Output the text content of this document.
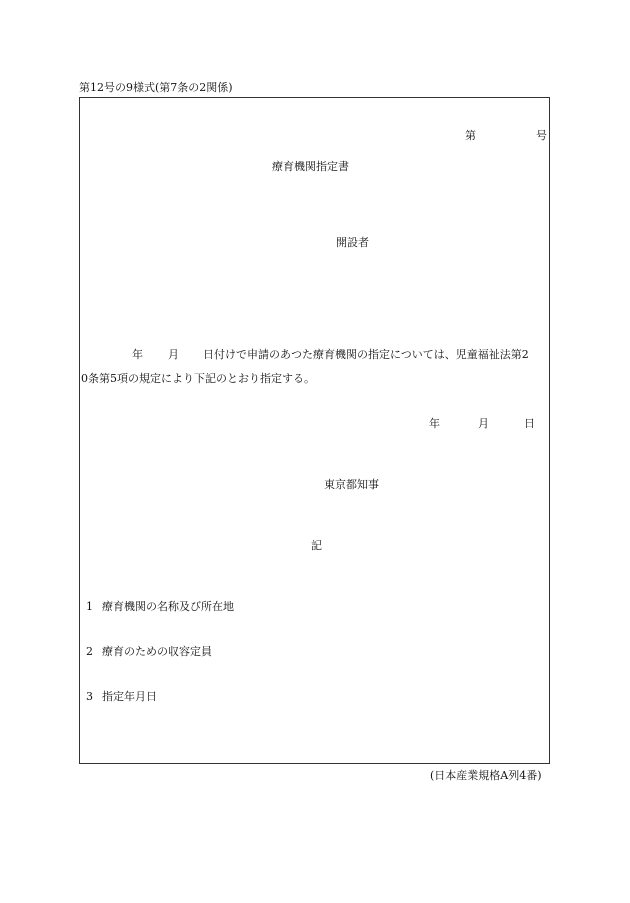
第12号の9様式(第7条の2関係)
第	号
療育機関指定書
開設者
年 月 日付けで申請のあつた療育機関の指定については、児童福祉法第2
0条第5項の規定により下記のとおり指定する。
年	月	日
東京都知事
記
1 療育機関の名称及び所在地
2 療育のための収容定員
3 指定年月日
(日本産業規格A列4番)
